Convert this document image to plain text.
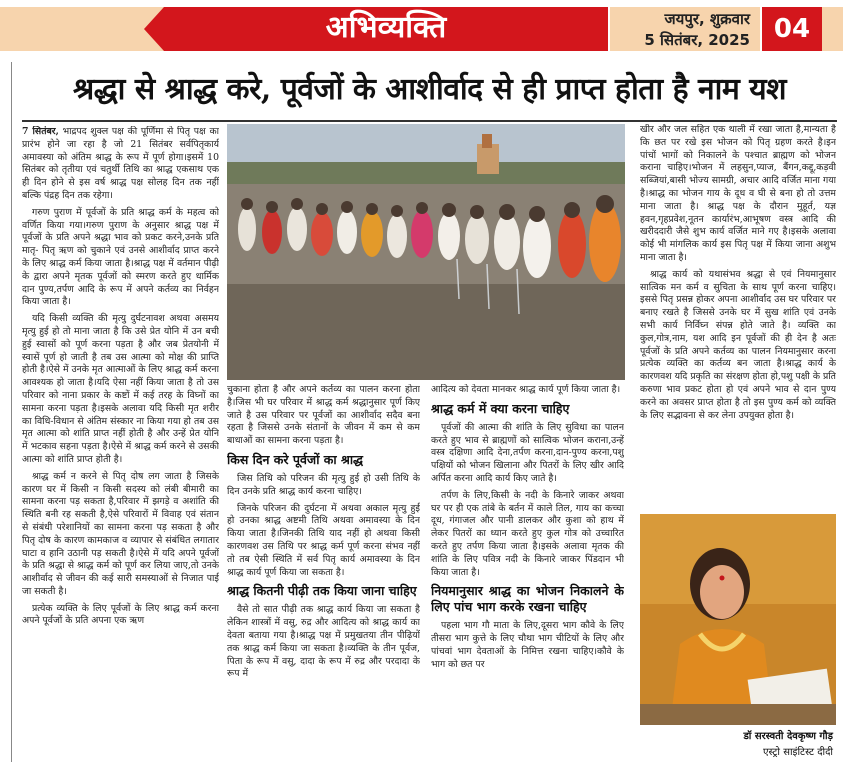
अभिव्यक्ति	जयपुर, शुक्रवार
5 सितंबर, 2025 04
श्रद्धा से श्राद्ध करे, पूर्वजों के आशीर्वाद से ही प्राप्त होता है नाम यश

7 सितंबर, भाद्रपद शुक्ल पक्ष की पूर्णिमा से पितृ पक्ष का प्रारंभ होने जा रहा है जो 21 सितंबर सर्वपितृकार्य अमावस्या को अंतिम श्राद्ध के रूप में पूर्ण होगा।इसमें 10 सितंबर को तृतीया एवं चतुर्थी तिथि का श्राद्ध एकसाथ एक ही दिन होने से इस वर्ष श्राद्ध पक्ष सोलह दिन तक नहीं बल्कि पंद्रह दिन तक रहेगा।

गरुण पुराण में पूर्वजों के प्रति श्राद्ध कर्म के महत्व को वर्णित किया गया।गरुण पुराण के अनुसार श्राद्ध पक्ष में पूर्वजों के प्रति अपने श्रद्धा भाव को प्रकट करने,उनके प्रति मातृ- पितृ ऋण को चुकाने एवं उनसे आशीर्वाद प्राप्त करने के लिए श्राद्ध कर्म किया जाता है।श्राद्ध पक्ष में वर्तमान पीढ़ी के द्वारा अपने मृतक पूर्वजों को स्मरण करते हुए धार्मिक दान पुण्य,तर्पण आदि के रूप में अपने कर्तव्य का निर्वहन किया जाता है।

यदि किसी व्यक्ति की मृत्यु दुर्घटनावश अथवा असमय मृत्यु हुई हो तो माना जाता है कि उसे प्रेत योनि में उन बची हुई स्वासों को पूर्ण करना पड़ता है और जब प्रेतयोनी में स्वासें पूर्ण हो जाती है तब उस आत्मा को मोक्ष की प्राप्ति होती है।ऐसे में उनके मृत आत्माओं के लिए श्राद्ध कर्म करना आवश्यक हो जाता है।यदि ऐसा नहीं किया जाता है तो उस परिवार को नाना प्रकार के कष्टों में कई तरह के विघ्नों का सामना करना पड़ता है।इसके अलावा यदि किसी मृत शरीर का विधि-विधान से अंतिम संस्कार ना किया गया हो तब उस मृत आत्मा को शांति प्राप्त नहीं होती है और उन्हें प्रेत योनि में भटकाव सहना पड़ता है।ऐसे में श्राद्ध कर्म करने से उसकी आत्मा को शांति प्राप्त होती है।

श्राद्ध कर्म न करने से पितृ दोष लग जाता है जिसके कारण घर में किसी न किसी सदस्य को लंबी बीमारी का सामना करना पड़ सकता है,परिवार में झगड़े व अशांति की स्थिति बनी रह सकती है,ऐसे परिवारों में विवाह एवं संतान से संबंधी परेशानियों का सामना करना पड़ सकता है और पितृ दोष के कारण कामकाज व व्यापार से संबंधित लगातार घाटा व हानि उठानी पड़ सकती है।ऐसे में यदि अपने पूर्वजों के प्रति श्रद्धा से श्राद्ध कर्म को पूर्ण कर लिया जाए,तो उनके आशीर्वाद से जीवन की कई सारी समस्याओं से निजात पाई जा सकती है।

प्रत्येक व्यक्ति के लिए पूर्वजों के लिए श्राद्ध कर्म करना अपने पूर्वजों के प्रति अपना एक ऋण

चुकाना होता है और अपने कर्तव्य का पालन करना होता है।जिस भी घर परिवार में श्राद्ध कर्म श्रद्धानुसार पूर्ण किए जाते है उस परिवार पर पूर्वजों का आशीर्वाद सदैव बना रहता है जिससे उनके संतानों के जीवन में कम से कम बाधाओं का सामना करना पड़ता है।

किस दिन करे पूर्वजों का श्राद्ध

जिस तिथि को परिजन की मृत्यु हुई हो उसी तिथि के दिन उनके प्रति श्राद्ध कार्य करना चाहिए।

जिनके परिजन की दुर्घटना में अथवा अकाल मृत्यु हुई हो उनका श्राद्ध अष्टमी तिथि अथवा अमावस्या के दिन किया जाता है।जिनकी तिथि याद नहीं हो अथवा किसी कारणवश उस तिथि पर श्राद्ध कर्म पूर्ण करना संभव नहीं तो तब ऐसी स्थिति में सर्व पितृ कार्य अमावस्या के दिन श्राद्ध कार्य पूर्ण किया जा सकता है।

श्राद्ध कितनी पीढ़ी तक किया जाना चाहिए

वैसे तो सात पीढ़ी तक श्राद्ध कार्य किया जा सकता है लेकिन शास्त्रों में वसु, रुद्र और आदित्य को श्राद्ध कार्य का देवता बताया गया है।श्राद्ध पक्ष में प्रमुखतया तीन पीढ़ियों तक श्राद्ध कर्म किया जा सकता है।व्यक्ति के तीन पूर्वज, पिता के रूप में वसु, दादा के रूप में रुद्र और परदादा के रूप में

आदित्य को देवता मानकर श्राद्ध कार्य पूर्ण किया जाता है।

श्राद्ध कर्म में क्या करना चाहिए

पूर्वजों की आत्मा की शांति के लिए सुविधा का पालन करते हुए भाव से ब्राह्मणों को सात्विक भोजन कराना,उन्हें वस्त्र दक्षिणा आदि देना,तर्पण करना,दान-पुण्य करना,पशु पक्षियों को भोजन खिलाना और पितरों के लिए खीर आदि अर्पित करना आदि कार्य किए जाते है।

तर्पण के लिए,किसी के नदी के किनारे जाकर अथवा घर पर ही एक तांबे के बर्तन में काले तिल, गाय का कच्चा दूध, गंगाजल और पानी डालकर और कुशा को हाथ में लेकर पितरों का ध्यान करते हुए कुल गोत्र को उच्चारित करते हुए तर्पण किया जाता है।इसके अलावा मृतक की शांति के लिए पवित्र नदी के किनारे जाकर पिंडदान भी किया जाता है।

नियमानुसार श्राद्ध का भोजन निकालने के लिए पांच भाग करके रखना चाहिए

पहला भाग गौ माता के लिए,दूसरा भाग कौवे के लिए तीसरा भाग कुत्ते के लिए चौथा भाग चीटियों के लिए और पांचवां भाग देवताओं के निमित्त रखना चाहिए।कौवे के भाग को छत पर

खीर और जल सहित एक थाली में रखा जाता है,मान्यता है कि छत पर रखे इस भोजन को पितृ ग्रहण करते है।इन पांचों भागों को निकालने के पश्चात ब्राह्मण को भोजन कराना चाहिए।भोजन में लहसुन,प्याज, बैंगन,कद्दू,कड़वी सब्जियां,बासी भोज्य सामग्री, अचार आदि वर्जित माना गया है।श्राद्ध का भोजन गाय के दूध व घी से बना हो तो उत्तम माना जाता है। श्राद्ध पक्ष के दौरान मुहूर्त, यज्ञ हवन,गृहप्रवेश,नूतन कार्यारंभ,आभूषण वस्त्र आदि की खरीददारी जैसे शुभ कार्य वर्जित माने गए है।इसके अलावा कोई भी मांगलिक कार्य इस पितृ पक्ष में किया जाना अशुभ माना जाता है।

श्राद्ध कार्य को यथासंभव श्रद्धा से एवं नियमानुसार सात्विक मन कर्म व सुचिता के साथ पूर्ण करना चाहिए।इससे पितृ प्रसन्न होकर अपना आशीर्वाद उस घर परिवार पर बनाए रखते है जिससे उनके घर में सुख शांति एवं उनके सभी कार्य निर्विघ्न संपन्न होते जाते है। व्यक्ति का कुल,गोत्र,नाम, यश आदि इन पूर्वजों की ही देन है अतः पूर्वजों के प्रति अपने कर्तव्य का पालन नियमानुसार करना प्रत्येक व्यक्ति का कर्तव्य बन जाता है।श्राद्ध कार्य के कारणवश यदि प्रकृति का संरक्षण होता हो,पशु पक्षी के प्रति करुणा भाव प्रकट होता हो एवं अपने भाव से दान पुण्य करने का अवसर प्राप्त होता है तो इस पुण्य कर्म को व्यक्ति के लिए सद्भावना से कर लेना उपयुक्त होता है।

डॉ सरस्वती देवकृष्ण गौड़
एस्ट्रो साइंटिस्ट दीदी
